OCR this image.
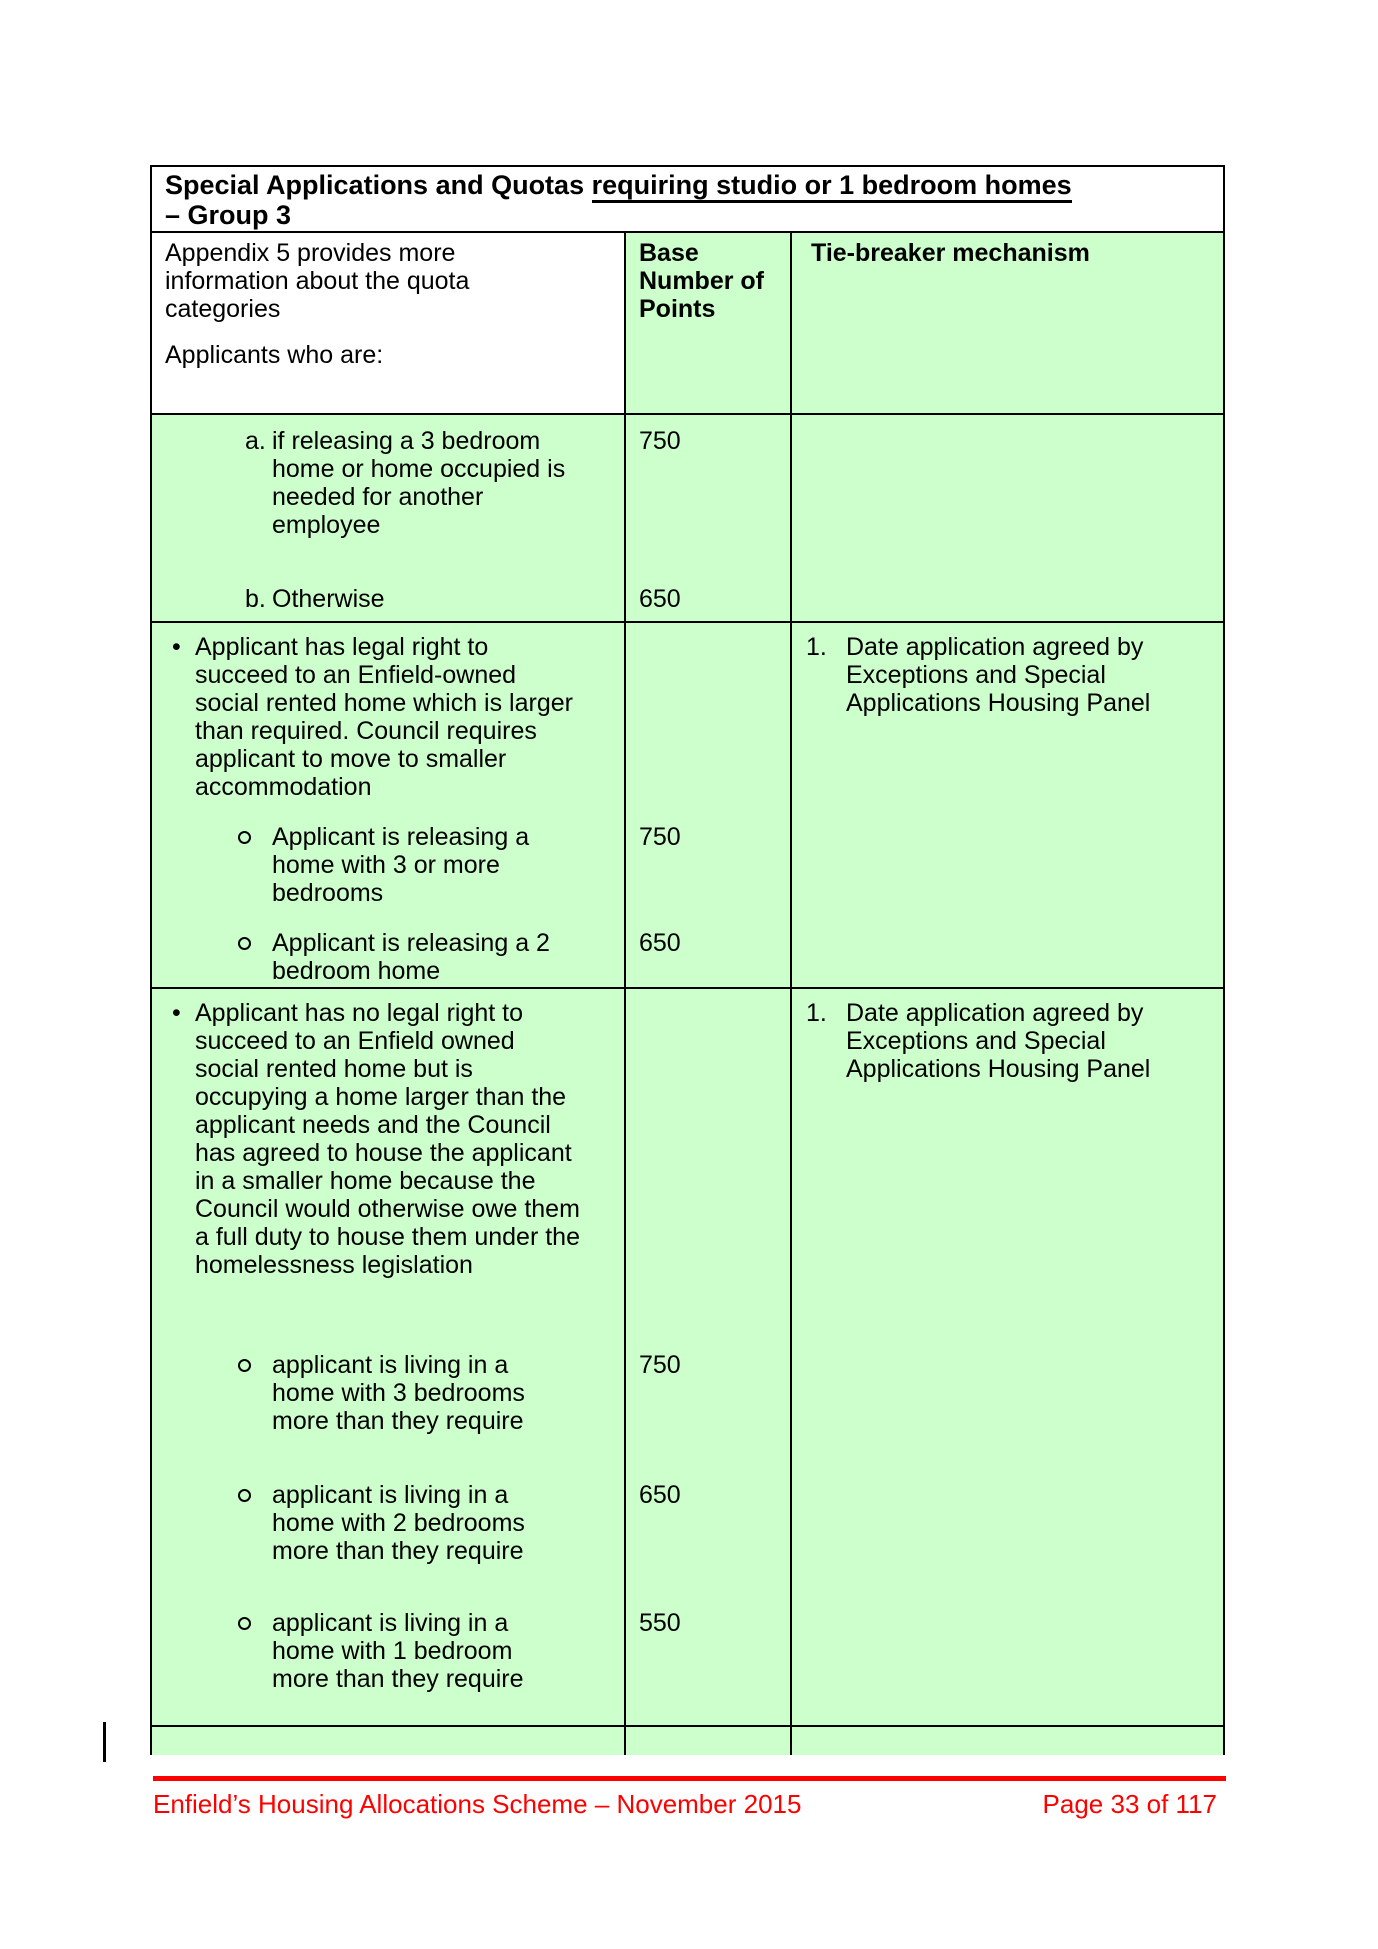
Special Applications and Quotas requiring studio or 1 bedroom homes
– Group 3
Appendix 5 provides more information about the quota categories
Applicants who are:
Base Number of Points
Tie-breaker mechanism
a. if releasing a 3 bedroom home or home occupied is needed for another employee
b. Otherwise
750
650
• Applicant has legal right to succeed to an Enfield-owned social rented home which is larger than required. Council requires applicant to move to smaller accommodation
Applicant is releasing a home with 3 or more bedrooms
Applicant is releasing a 2 bedroom home
750
650
1. Date application agreed by Exceptions and Special Applications Housing Panel
• Applicant has no legal right to succeed to an Enfield owned social rented home but is occupying a home larger than the applicant needs and the Council has agreed to house the applicant in a smaller home because the Council would otherwise owe them a full duty to house them under the homelessness legislation
applicant is living in a home with 3 bedrooms more than they require
applicant is living in a home with 2 bedrooms more than they require
applicant is living in a home with 1 bedroom more than they require
750
650
550
1. Date application agreed by Exceptions and Special Applications Housing Panel
Enfield’s Housing Allocations Scheme – November 2015	Page 33 of 117
